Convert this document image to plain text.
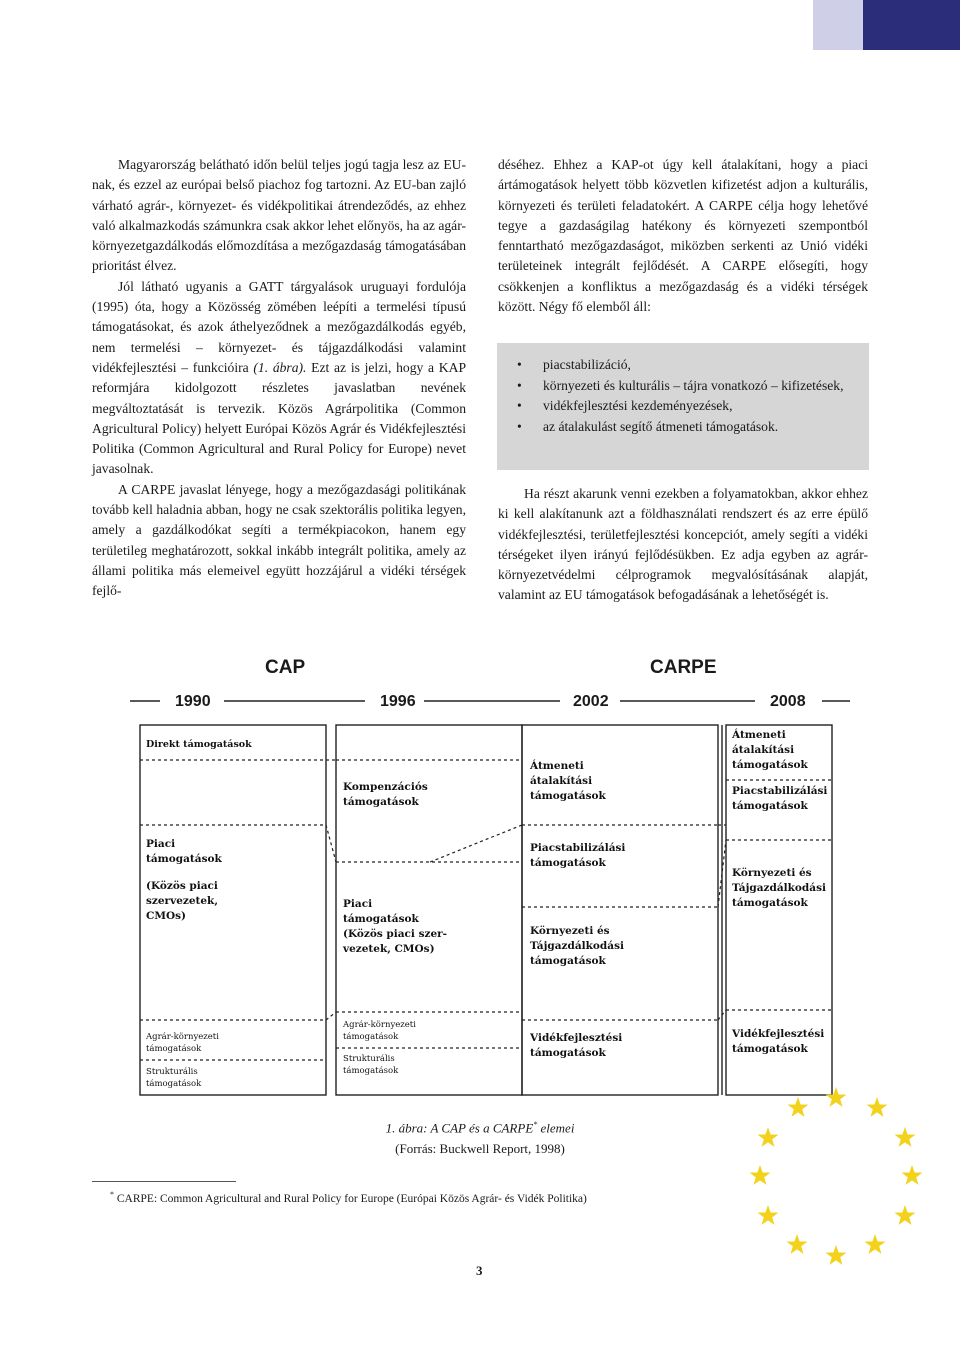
Magyarország belátható időn belül teljes jogú tagja lesz az EU-nak, és ezzel az európai belső piachoz fog tartozni. Az EU-ban zajló várható agrár-, környezet- és vidékpolitikai átrendeződés, az ehhez való alkalmazkodás számunkra csak akkor lehet előnyös, ha az agár-környezetgazdálkodás előmozdítása a mezőgazdaság támogatásában prioritást élvez.

Jól látható ugyanis a GATT tárgyalások uruguayi fordulója (1995) óta, hogy a Közösség zömében leépíti a termelési típusú támogatásokat, és azok áthelyeződnek a mezőgazdálkodás egyéb, nem termelési – környezet- és tájgazdálkodási valamint vidékfejlesztési – funkcióira (1. ábra). Ezt az is jelzi, hogy a KAP reformjára kidolgozott részletes javaslatban nevének megváltoztatását is tervezik. Közös Agrárpolitika (Common Agricultural Policy) helyett Európai Közös Agrár és Vidékfejlesztési Politika (Common Agricultural and Rural Policy for Europe) nevet javasolnak.

A CARPE javaslat lényege, hogy a mezőgazdasági politikának tovább kell haladnia abban, hogy ne csak szektorális politika legyen, amely a gazdálkodókat segíti a termékpiacokon, hanem egy területileg meghatározott, sokkal inkább integrált politika, amely az állami politika más elemeivel együtt hozzájárul a vidéki térségek fejlő-

déséhez. Ehhez a KAP-ot úgy kell átalakítani, hogy a piaci ártámogatások helyett több közvetlen kifizetést adjon a kulturális, környezeti és területi feladatokért. A CARPE célja hogy lehetővé tegye a gazdaságilag hatékony és környezeti szempontból fenntartható mezőgazdaságot, miközben serkenti az Unió vidéki területeinek integrált fejlődését. A CARPE elősegíti, hogy csökkenjen a konfliktus a mezőgazdaság és a vidéki térségek között. Négy fő elemből áll:

• piacstabilizáció,
• környezeti és kulturális – tájra vonatkozó – kifizetések,
• vidékfejlesztési kezdeményezések,
• az átalakulást segítő átmeneti támogatások.

Ha részt akarunk venni ezekben a folyamatokban, akkor ehhez ki kell alakítanunk azt a földhasználati rendszert és az erre épülő vidékfejlesztési, területfejlesztési koncepciót, amely segíti a vidéki térségeket ilyen irányú fejlődésükben. Ez adja egyben az agrár-környezetvédelmi célprogramok megvalósításának alapját, valamint az EU támogatások befogadásának a lehetőségét is.

CAP	CARPE
1990	1996	2002	2008
Direkt támogatások
Piaci
támogatások
(Közös piaci
szervezetek,
CMOs)
Agrár-környezeti
támogatások
Strukturális
támogatások
Kompenzációs
támogatások
Piaci
támogatások
(Közös piaci szer-
vezetek, CMOs)
Agrár-környezeti
támogatások
Strukturális
támogatások
Átmeneti
átalakítási
támogatások
Piacstabilizálási
támogatások
Környezeti és
Tájgazdálkodási
támogatások
Vidékfejlesztési
támogatások
Átmeneti
átalakítási
támogatások
Piacstabilizálási
támogatások
Környezeti és
Tájgazdálkodási
támogatások
Vidékfejlesztési
támogatások
1. ábra: A CAP és a CARPE* elemei
(Forrás: Buckwell Report, 1998)
* CARPE: Common Agricultural and Rural Policy for Europe (Európai Közös Agrár- és Vidék Politika)
3
